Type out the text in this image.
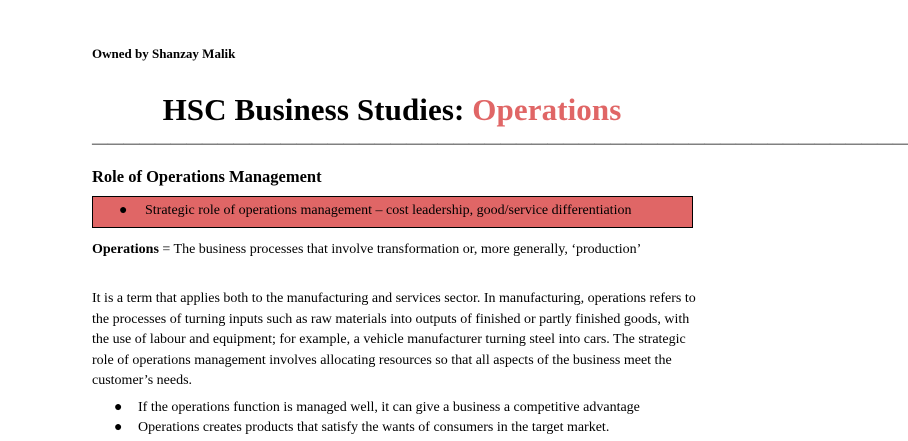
Owned by Shanzay Malik
HSC Business Studies: Operations
————————————————————————————————————————————————————
Role of Operations Management
● Strategic role of operations management – cost leadership, good/service differentiation
Operations = The business processes that involve transformation or, more generally, ‘production’
It is a term that applies both to the manufacturing and services sector. In manufacturing, operations refers to the processes of turning inputs such as raw materials into outputs of finished or partly finished goods, with the use of labour and equipment; for example, a vehicle manufacturer turning steel into cars. The strategic role of operations management involves allocating resources so that all aspects of the business meet the customer’s needs.
● If the operations function is managed well, it can give a business a competitive advantage
● Operations creates products that satisfy the wants of consumers in the target market.
